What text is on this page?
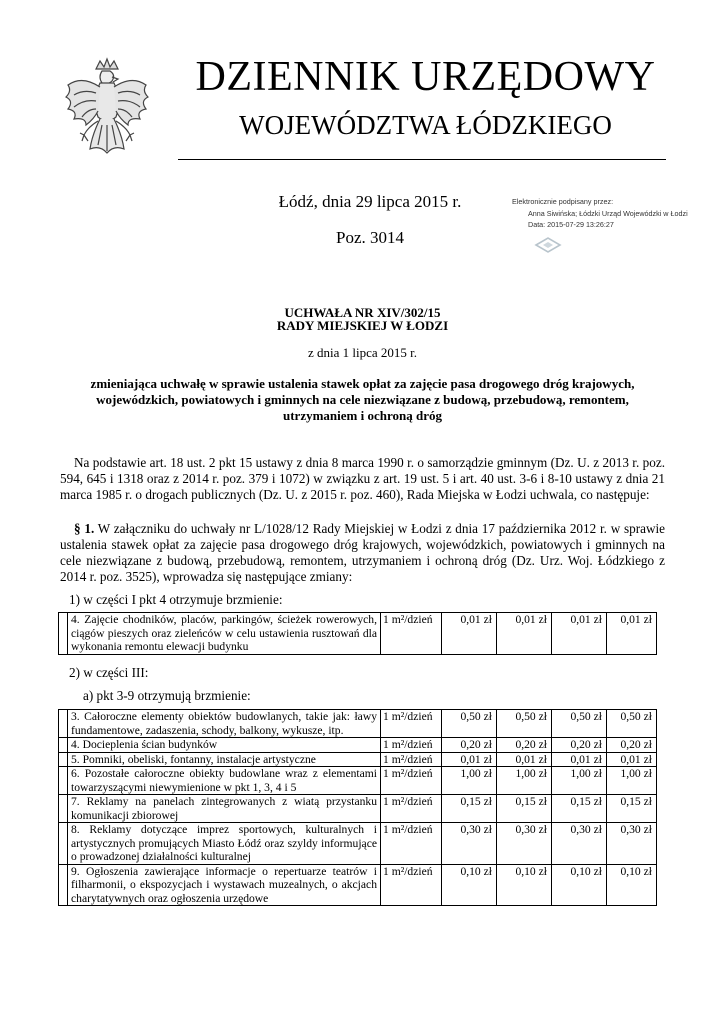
DZIENNIK URZĘDOWY
WOJEWÓDZTWA ŁÓDZKIEGO
Łódź, dnia 29 lipca 2015 r.
Poz. 3014
Elektronicznie podpisany przez:
Anna Siwińska; Łódzki Urząd Wojewódzki w Łodzi
Data: 2015-07-29 13:26:27
UCHWAŁA NR XIV/302/15
RADY MIEJSKIEJ W ŁODZI
z dnia 1 lipca 2015 r.
zmieniająca uchwałę w sprawie ustalenia stawek opłat za zajęcie pasa drogowego dróg krajowych, wojewódzkich, powiatowych i gminnych na cele niezwiązane z budową, przebudową, remontem, utrzymaniem i ochroną dróg
Na podstawie art. 18 ust. 2 pkt 15 ustawy z dnia 8 marca 1990 r. o samorządzie gminnym (Dz. U. z 2013 r. poz. 594, 645 i 1318 oraz z 2014 r. poz. 379 i 1072) w związku z art. 19 ust. 5 i art. 40 ust. 3-6 i 8-10 ustawy z dnia 21 marca 1985 r. o drogach publicznych (Dz. U. z 2015 r. poz. 460), Rada Miejska w Łodzi uchwala, co następuje:
§ 1. W załączniku do uchwały nr L/1028/12 Rady Miejskiej w Łodzi z dnia 17 października 2012 r. w sprawie ustalenia stawek opłat za zajęcie pasa drogowego dróg krajowych, wojewódzkich, powiatowych i gminnych na cele niezwiązane z budową, przebudową, remontem, utrzymaniem i ochroną dróg (Dz. Urz. Woj. Łódzkiego z 2014 r. poz. 3525), wprowadza się następujące zmiany:
1) w części I pkt 4 otrzymuje brzmienie:
	4. Zajęcie chodników, placów, parkingów, ścieżek rowerowych, ciągów pieszych oraz zieleńców w celu ustawienia rusztowań dla wykonania remontu elewacji budynku	1 m²/dzień	0,01 zł	0,01 zł	0,01 zł	0,01 zł
2) w części III:
a) pkt 3-9 otrzymują brzmienie:
	3. Całoroczne elementy obiektów budowlanych, takie jak: ławy fundamentowe, zadaszenia, schody, balkony, wykusze, itp.	1 m²/dzień	0,50 zł	0,50 zł	0,50 zł	0,50 zł
	4. Docieplenia ścian budynków	1 m²/dzień	0,20 zł	0,20 zł	0,20 zł	0,20 zł
	5. Pomniki, obeliski, fontanny, instalacje artystyczne	1 m²/dzień	0,01 zł	0,01 zł	0,01 zł	0,01 zł
	6. Pozostałe całoroczne obiekty budowlane wraz z elementami towarzyszącymi niewymienione w pkt 1, 3, 4 i 5	1 m²/dzień	1,00 zł	1,00 zł	1,00 zł	1,00 zł
	7. Reklamy na panelach zintegrowanych z wiatą przystanku komunikacji zbiorowej	1 m²/dzień	0,15 zł	0,15 zł	0,15 zł	0,15 zł
	8. Reklamy dotyczące imprez sportowych, kulturalnych i artystycznych promujących Miasto Łódź oraz szyldy informujące o prowadzonej działalności kulturalnej	1 m²/dzień	0,30 zł	0,30 zł	0,30 zł	0,30 zł
	9. Ogłoszenia zawierające informacje o repertuarze teatrów i filharmonii, o ekspozycjach i wystawach muzealnych, o akcjach charytatywnych oraz ogłoszenia urzędowe	1 m²/dzień	0,10 zł	0,10 zł	0,10 zł	0,10 zł
